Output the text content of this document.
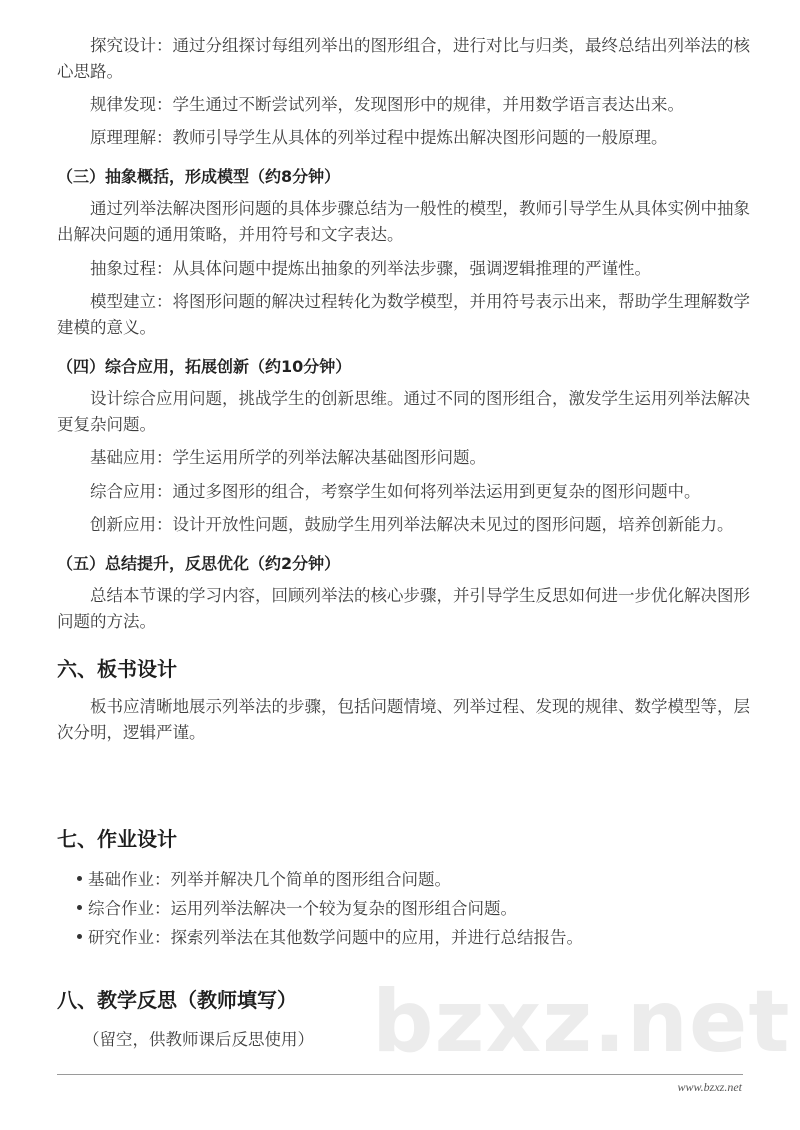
探究设计：通过分组探讨每组列举出的图形组合，进行对比与归类，最终总结出列举法的核
心思路。
规律发现：学生通过不断尝试列举，发现图形中的规律，并用数学语言表达出来。
原理理解：教师引导学生从具体的列举过程中提炼出解决图形问题的一般原理。
（三）抽象概括，形成模型（约8分钟）
通过列举法解决图形问题的具体步骤总结为一般性的模型，教师引导学生从具体实例中抽象
出解决问题的通用策略，并用符号和文字表达。
抽象过程：从具体问题中提炼出抽象的列举法步骤，强调逻辑推理的严谨性。
模型建立：将图形问题的解决过程转化为数学模型，并用符号表示出来，帮助学生理解数学
建模的意义。
（四）综合应用，拓展创新（约10分钟）
设计综合应用问题，挑战学生的创新思维。通过不同的图形组合，激发学生运用列举法解决
更复杂问题。
基础应用：学生运用所学的列举法解决基础图形问题。
综合应用：通过多图形的组合，考察学生如何将列举法运用到更复杂的图形问题中。
创新应用：设计开放性问题，鼓励学生用列举法解决未见过的图形问题，培养创新能力。
（五）总结提升，反思优化（约2分钟）
总结本节课的学习内容，回顾列举法的核心步骤，并引导学生反思如何进一步优化解决图形
问题的方法。
六、板书设计
板书应清晰地展示列举法的步骤，包括问题情境、列举过程、发现的规律、数学模型等，层
次分明，逻辑严谨。
七、作业设计
基础作业：列举并解决几个简单的图形组合问题。
综合作业：运用列举法解决一个较为复杂的图形组合问题。
研究作业：探索列举法在其他数学问题中的应用，并进行总结报告。
八、教学反思（教师填写）
（留空，供教师课后反思使用） bzxz.net
www.bzxz.net
